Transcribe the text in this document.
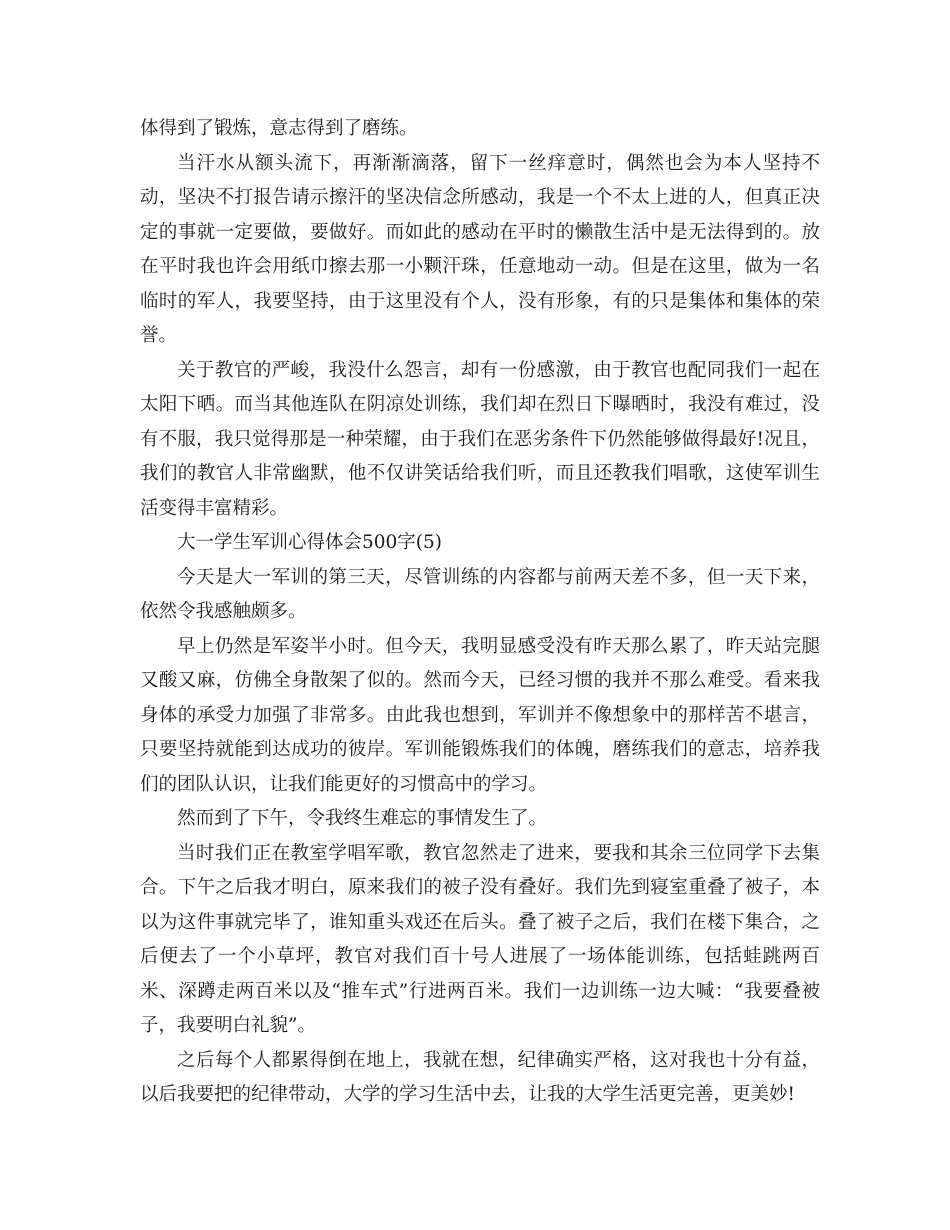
体得到了锻炼，意志得到了磨练。

当汗水从额头流下，再渐渐滴落，留下一丝痒意时，偶然也会为本人坚持不动，坚决不打报告请示擦汗的坚决信念所感动，我是一个不太上进的人，但真正决定的事就一定要做，要做好。而如此的感动在平时的懒散生活中是无法得到的。放在平时我也许会用纸巾擦去那一小颗汗珠，任意地动一动。但是在这里，做为一名临时的军人，我要坚持，由于这里没有个人，没有形象，有的只是集体和集体的荣誉。

关于教官的严峻，我没什么怨言，却有一份感激，由于教官也配同我们一起在太阳下晒。而当其他连队在阴凉处训练，我们却在烈日下曝晒时，我没有难过，没有不服，我只觉得那是一种荣耀，由于我们在恶劣条件下仍然能够做得最好!况且，我们的教官人非常幽默，他不仅讲笑话给我们听，而且还教我们唱歌，这使军训生活变得丰富精彩。

大一学生军训心得体会500字(5)

今天是大一军训的第三天，尽管训练的内容都与前两天差不多，但一天下来，依然令我感触颇多。

早上仍然是军姿半小时。但今天，我明显感受没有昨天那么累了，昨天站完腿又酸又麻，仿佛全身散架了似的。然而今天，已经习惯的我并不那么难受。看来我身体的承受力加强了非常多。由此我也想到，军训并不像想象中的那样苦不堪言，只要坚持就能到达成功的彼岸。军训能锻炼我们的体魄，磨练我们的意志，培养我们的团队认识，让我们能更好的习惯高中的学习。

然而到了下午，令我终生难忘的事情发生了。

当时我们正在教室学唱军歌，教官忽然走了进来，要我和其余三位同学下去集合。下午之后我才明白，原来我们的被子没有叠好。我们先到寝室重叠了被子，本以为这件事就完毕了，谁知重头戏还在后头。叠了被子之后，我们在楼下集合，之后便去了一个小草坪，教官对我们百十号人进展了一场体能训练，包括蛙跳两百米、深蹲走两百米以及“推车式”行进两百米。我们一边训练一边大喊：“我要叠被子，我要明白礼貌”。

之后每个人都累得倒在地上，我就在想，纪律确实严格，这对我也十分有益，以后我要把的纪律带动，大学的学习生活中去，让我的大学生活更完善，更美妙!
